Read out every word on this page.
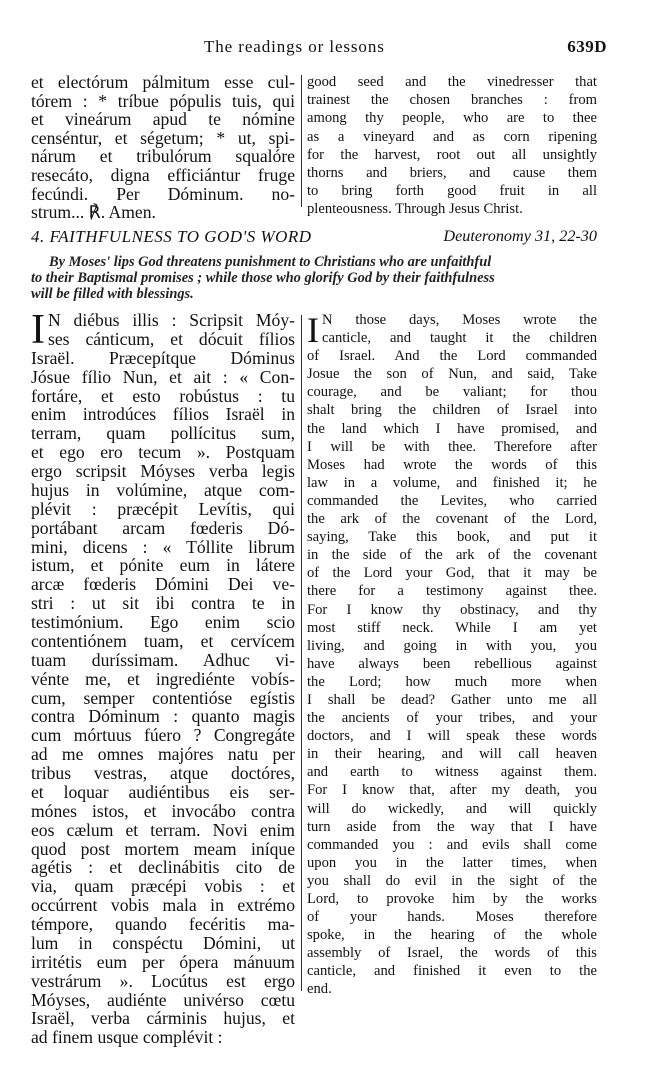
The readings or lessons	639D
et electórum pálmitum esse cul-
tórem : * tríbue pópulis tuis, qui
et vineárum apud te nómine
censéntur, et ségetum; * ut, spi-
nárum et tribulórum squalóre
resecáto, digna efficiántur fruge
fecúndi. Per Dóminum. no-
strum... ℟. Amen.
good seed and the vinedresser that
trainest the chosen branches : from
among thy people, who are to thee
as a vineyard and as corn ripening
for the harvest, root out all unsightly
thorns and briers, and cause them
to bring forth good fruit in all
plenteousness. Through Jesus Christ.
4. FAITHFULNESS TO GOD'S WORD	Deuteronomy 31, 22-30
By Moses' lips God threatens punishment to Christians who are unfaithful
to their Baptismal promises ; while those who glorify God by their faithfulness
will be filled with blessings.
I N diébus illis : Scripsit Móy-
ses cánticum, et dócuit fílios
Israël. Præcepítque Dóminus
Jósue fílio Nun, et ait : « Con-
fortáre, et esto robústus : tu
enim introdúces fílios Israël in
terram, quam pollícitus sum,
et ego ero tecum ». Postquam
ergo scripsit Móyses verba legis
hujus in volúmine, atque com-
plévit : præcépit Levítis, qui
portábant arcam fœderis Dó-
mini, dicens : « Tóllite librum
istum, et pónite eum in látere
arcæ fœderis Dómini Dei ve-
stri : ut sit ibi contra te in
testimónium. Ego enim scio
contentiónem tuam, et cervícem
tuam duríssimam. Adhuc vi-
vénte me, et ingrediénte vobís-
cum, semper contentióse egístis
contra Dóminum : quanto magis
cum mórtuus fúero ? Congregáte
ad me omnes majóres natu per
tribus vestras, atque doctóres,
et loquar audiéntibus eis ser-
mónes istos, et invocábo contra
eos cælum et terram. Novi enim
quod post mortem meam iníque
agétis : et declinábitis cito de
via, quam præcépi vobis : et
occúrrent vobis mala in extrémo
témpore, quando fecéritis ma-
lum in conspéctu Dómini, ut
irritétis eum per ópera mánuum
vestrárum ». Locútus est ergo
Móyses, audiénte univérso cœtu
Israël, verba cárminis hujus, et
ad finem usque complévit :
I N those days, Moses wrote the
canticle, and taught it the children
of Israel. And the Lord commanded
Josue the son of Nun, and said, Take
courage, and be valiant; for thou
shalt bring the children of Israel into
the land which I have promised, and
I will be with thee. Therefore after
Moses had wrote the words of this
law in a volume, and finished it; he
commanded the Levites, who carried
the ark of the covenant of the Lord,
saying, Take this book, and put it
in the side of the ark of the covenant
of the Lord your God, that it may be
there for a testimony against thee.
For I know thy obstinacy, and thy
most stiff neck. While I am yet
living, and going in with you, you
have always been rebellious against
the Lord; how much more when
I shall be dead? Gather unto me all
the ancients of your tribes, and your
doctors, and I will speak these words
in their hearing, and will call heaven
and earth to witness against them.
For I know that, after my death, you
will do wickedly, and will quickly
turn aside from the way that I have
commanded you : and evils shall come
upon you in the latter times, when
you shall do evil in the sight of the
Lord, to provoke him by the works
of your hands. Moses therefore
spoke, in the hearing of the whole
assembly of Israel, the words of this
canticle, and finished it even to the
end.
